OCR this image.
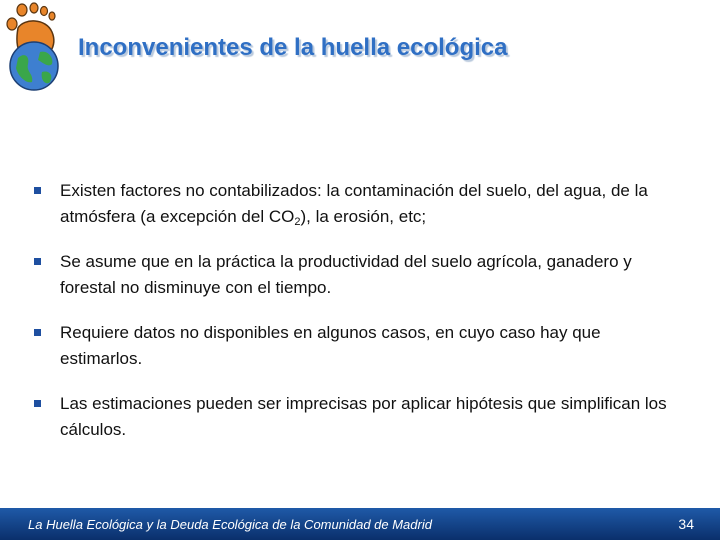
Inconvenientes de la huella ecológica
Existen factores no contabilizados: la contaminación del suelo, del agua, de la atmósfera (a excepción del $CO_2$), la erosión, etc;
Se asume que en la práctica la productividad del suelo agrícola, ganadero y forestal no disminuye con el tiempo.
Requiere datos no disponibles en algunos casos, en cuyo caso hay que estimarlos.
Las estimaciones pueden ser imprecisas por aplicar hipótesis que simplifican los cálculos.
La Huella Ecológica y la Deuda Ecológica de la Comunidad de Madrid	34
